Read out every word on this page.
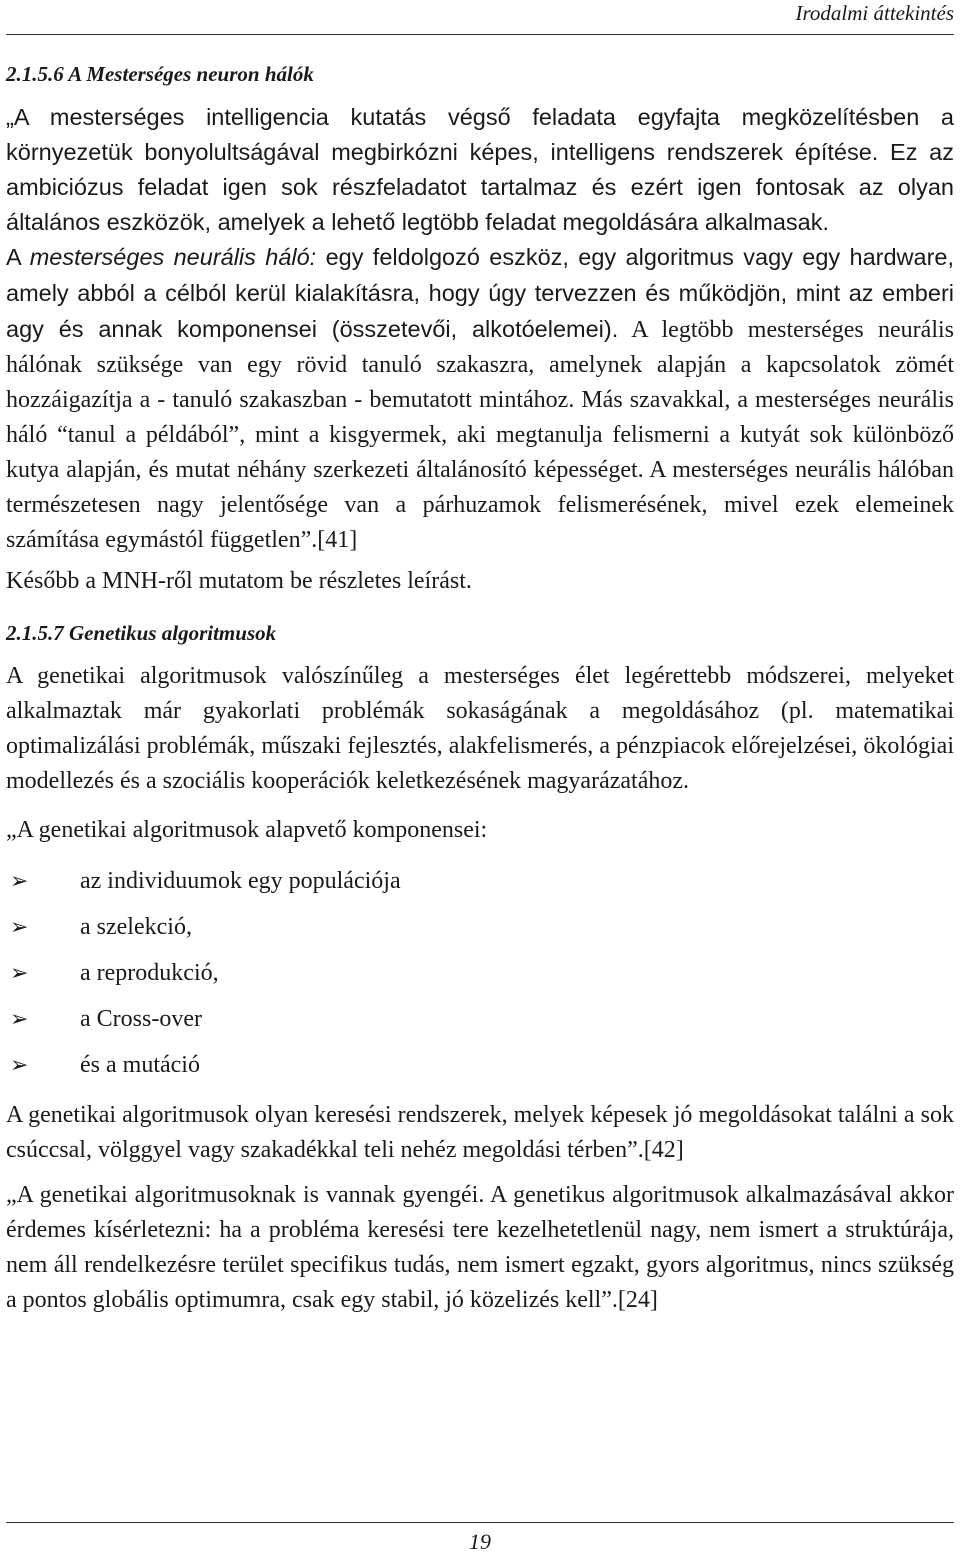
Irodalmi áttekintés
2.1.5.6 A Mesterséges neuron hálók

„A mesterséges intelligencia kutatás végső feladata egyfajta megközelítésben a környezetük bonyolultságával megbirkózni képes, intelligens rendszerek építése. Ez az ambiciózus feladat igen sok részfeladatot tartalmaz és ezért igen fontosak az olyan általános eszközök, amelyek a lehető legtöbb feladat megoldására alkalmasak.

A mesterséges neurális háló: egy feldolgozó eszköz, egy algoritmus vagy egy hardware, amely abból a célból kerül kialakításra, hogy úgy tervezzen és működjön, mint az emberi agy és annak komponensei (összetevői, alkotóelemei). A legtöbb mesterséges neurális hálónak szüksége van egy rövid tanuló szakaszra, amelynek alapján a kapcsolatok zömét hozzáigazítja a - tanuló szakaszban - bemutatott mintához. Más szavakkal, a mesterséges neurális háló “tanul a példából”, mint a kisgyermek, aki megtanulja felismerni a kutyát sok különböző kutya alapján, és mutat néhány szerkezeti általánosító képességet. A mesterséges neurális hálóban természetesen nagy jelentősége van a párhuzamok felismerésének, mivel ezek elemeinek számítása egymástól független”.[41]

Később a MNH-ről mutatom be részletes leírást.

2.1.5.7 Genetikus algoritmusok

A genetikai algoritmusok valószínűleg a mesterséges élet legérettebb módszerei, melyeket alkalmaztak már gyakorlati problémák sokaságának a megoldásához (pl. matematikai optimalizálási problémák, műszaki fejlesztés, alakfelismerés, a pénzpiacok előrejelzései, ökológiai modellezés és a szociális kooperációk keletkezésének magyarázatához.

„A genetikai algoritmusok alapvető komponensei:

➢	az individuumok egy populációja
➢	a szelekció,
➢	a reprodukció,
➢	a Cross-over
➢	és a mutáció

A genetikai algoritmusok olyan keresési rendszerek, melyek képesek jó megoldásokat találni a sok csúccsal, völggyel vagy szakadékkal teli nehéz megoldási térben”.[42]

„A genetikai algoritmusoknak is vannak gyengéi. A genetikus algoritmusok alkalmazásával akkor érdemes kísérletezni: ha a probléma keresési tere kezelhetetlenül nagy, nem ismert a struktúrája, nem áll rendelkezésre terület specifikus tudás, nem ismert egzakt, gyors algoritmus, nincs szükség a pontos globális optimumra, csak egy stabil, jó közelizés kell”.[24]

19
